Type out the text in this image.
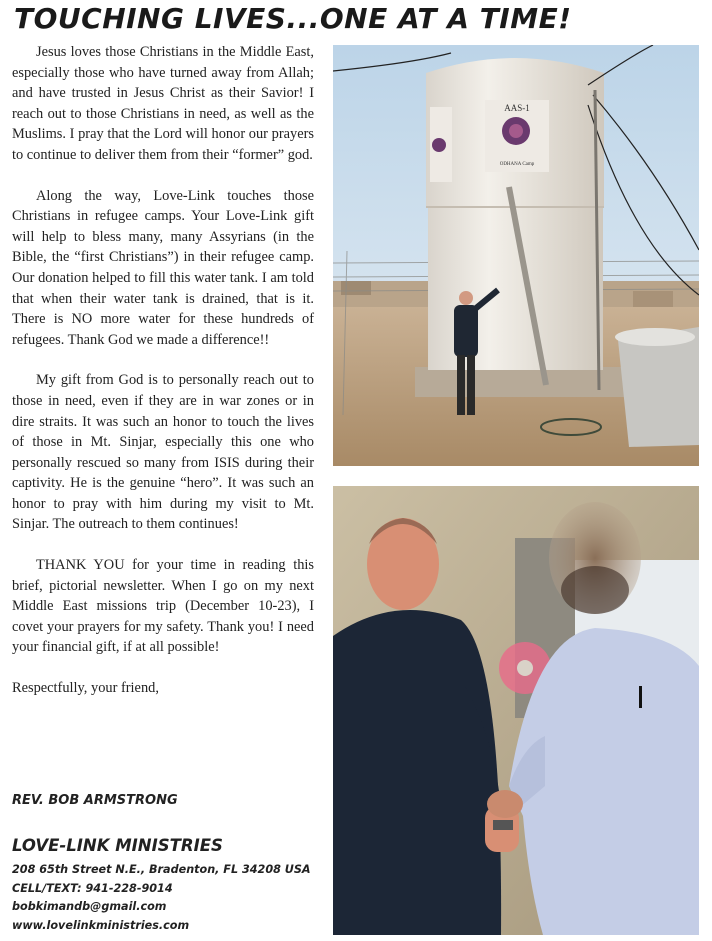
TOUCHING LIVES...ONE AT A TIME!

Jesus loves those Christians in the Middle East, especially those who have turned away from Allah; and have trusted in Jesus Christ as their Savior! I reach out to those Christians in need, as well as the Muslims. I pray that the Lord will honor our prayers to continue to deliver them from their “former” god.

Along the way, Love-Link touches those Christians in refugee camps. Your Love-Link gift will help to bless many, many Assyrians (in the Bible, the “first Christians”) in their refugee camp. Our donation helped to fill this water tank. I am told that when their water tank is drained, that is it. There is NO more water for these hundreds of refugees. Thank God we made a difference!!

My gift from God is to personally reach out to those in need, even if they are in war zones or in dire straits. It was such an honor to touch the lives of those in Mt. Sinjar, especially this one who personally rescued so many from ISIS during their captivity. He is the genuine “hero”. It was such an honor to pray with him during my visit to Mt. Sinjar. The outreach to them continues!

THANK YOU for your time in reading this brief, pictorial newsletter. When I go on my next Middle East missions trip (December 10-23), I covet your prayers for my safety. Thank you! I need your financial gift, if at all possible!

Respectfully, your friend,

REV. BOB ARMSTRONG
LOVE-LINK MINISTRIES
208 65th Street N.E., Bradenton, FL 34208 USA
CELL/TEXT: 941-228-9014
bobkimandb@gmail.com
www.lovelinkministries.com
AAS-1
ODHANA Camp
